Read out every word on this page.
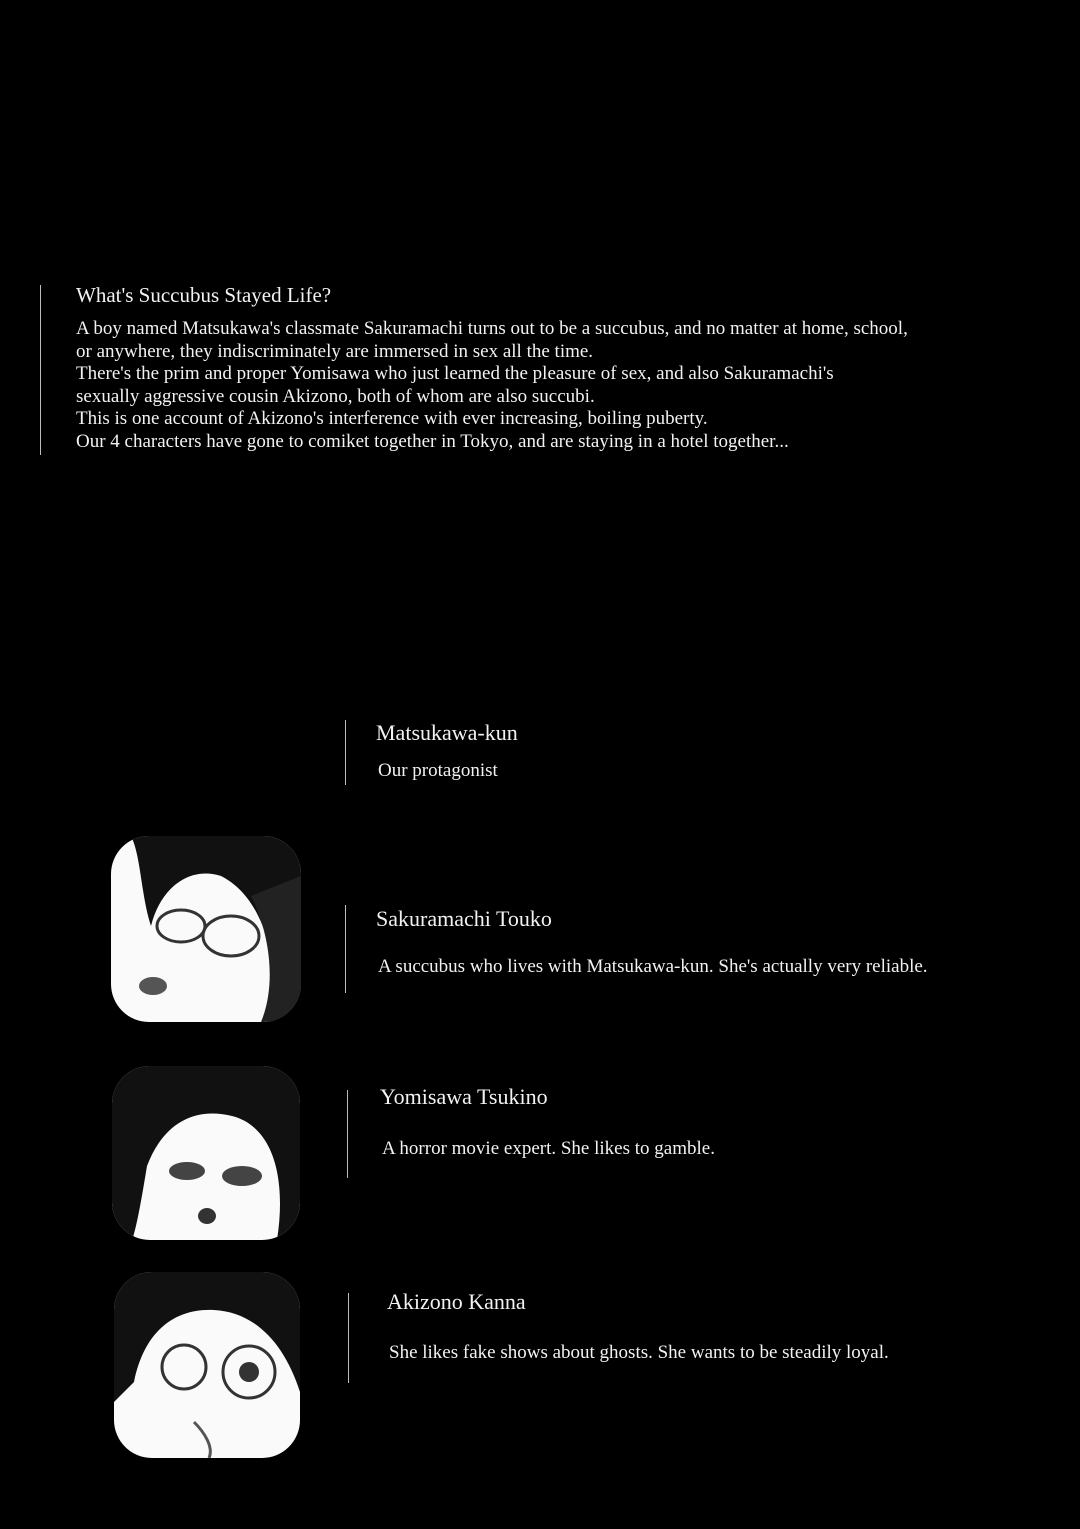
What's Succubus Stayed Life?
A boy named Matsukawa's classmate Sakuramachi turns out to be a succubus, and no matter at home, school,
or anywhere, they indiscriminately are immersed in sex all the time.
There's the prim and proper Yomisawa who just learned the pleasure of sex, and also Sakuramachi's
sexually aggressive cousin Akizono, both of whom are also succubi.
This is one account of Akizono's interference with ever increasing, boiling puberty.
Our 4 characters have gone to comiket together in Tokyo, and are staying in a hotel together...
Matsukawa-kun
Our protagonist
Sakuramachi Touko
A succubus who lives with Matsukawa-kun. She's actually very reliable.
Yomisawa Tsukino
A horror movie expert. She likes to gamble.
Akizono Kanna
She likes fake shows about ghosts. She wants to be steadily loyal.
